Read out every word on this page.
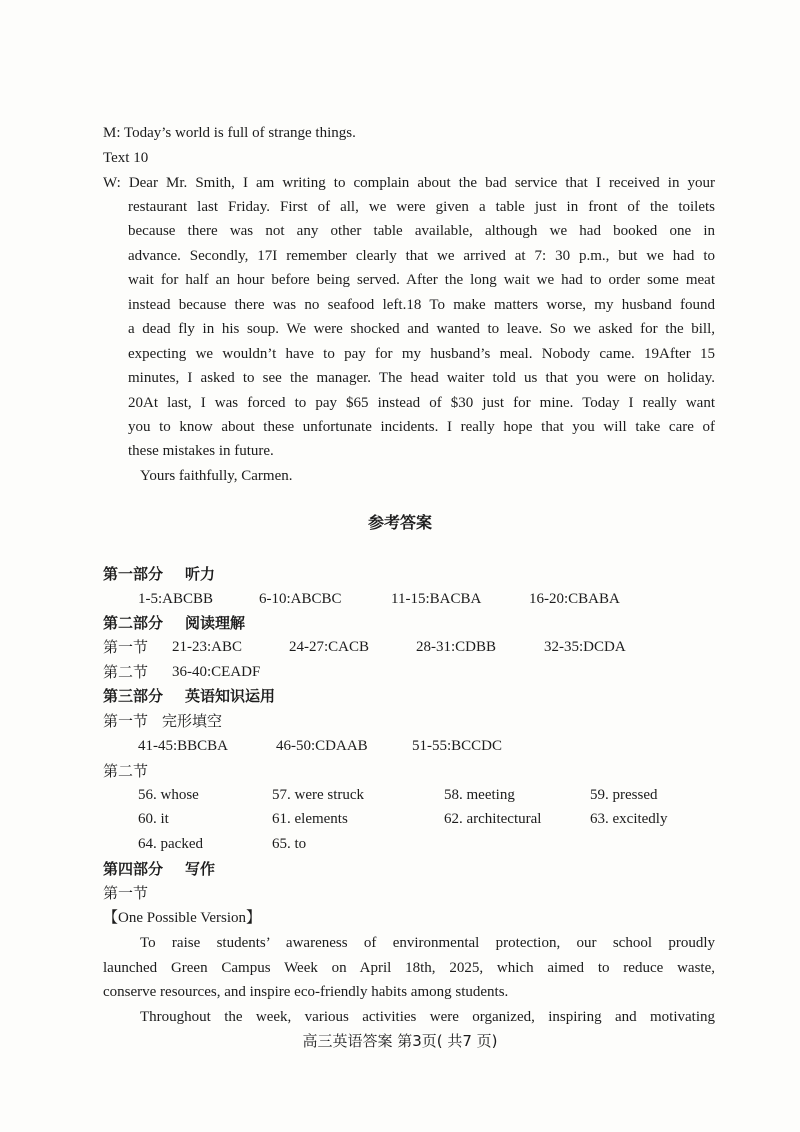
M: Today’s world is full of strange things.
Text 10
W: Dear Mr. Smith, I am writing to complain about the bad service that I received in your
restaurant last Friday. First of all, we were given a table just in front of the toilets
because there was not any other table available, although we had booked one in
advance. Secondly, 17I remember clearly that we arrived at 7: 30 p.m., but we had to
wait for half an hour before being served. After the long wait we had to order some meat
instead because there was no seafood left.18 To make matters worse, my husband found
a dead fly in his soup. We were shocked and wanted to leave. So we asked for the bill,
expecting we wouldn’t have to pay for my husband’s meal. Nobody came. 19After 15
minutes, I asked to see the manager. The head waiter told us that you were on holiday.
20At last, I was forced to pay $65 instead of $30 just for mine. Today I really want
you to know about these unfortunate incidents. I really hope that you will take care of
these mistakes in future.
Yours faithfully, Carmen.
参考答案
第一部分 听力
1-5:ABCBB	6-10:ABCBC	11-15:BACBA	16-20:CBABA
第二部分 阅读理解
第一节 21-23:ABC	24-27:CACB	28-31:CDBB	32-35:DCDA
第二节 36-40:CEADF
第三部分 英语知识运用
第一节 完形填空
41-45:BBCBA	46-50:CDAAB	51-55:BCCDC
第二节
56. whose	57. were struck	58. meeting	59. pressed
60. it	61. elements	62. architectural	63. excitedly
64. packed	65. to
第四部分 写作
第一节
【One Possible Version】
To raise students’ awareness of environmental protection, our school proudly
launched Green Campus Week on April 18th, 2025, which aimed to reduce waste,
conserve resources, and inspire eco-friendly habits among students.
Throughout the week, various activities were organized, inspiring and motivating
高三英语答案 第3页( 共7 页)
